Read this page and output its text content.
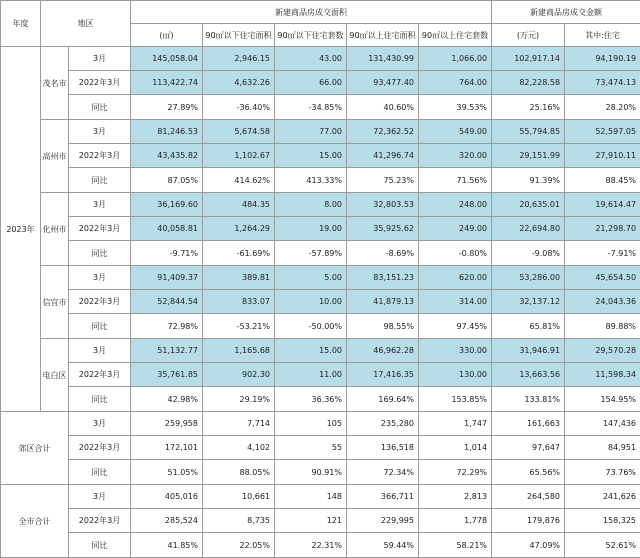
年度	地区		新建商品房成交面积					新建商品房成交金额	
			(㎡)	90㎡以下住宅面积	90㎡以下住宅套数	90㎡以上住宅面积	90㎡以上住宅套数	(万元)	其中:住宅
2023年	茂名市	3月	145,058.04	2,946.15	43.00	131,430.99	1,066.00	102,917.14	94,190.19
		2022年3月	113,422.74	4,632.26	66.00	93,477.40	764.00	82,228.58	73,474.13
		同比	27.89%	-36.40%	-34.85%	40.60%	39.53%	25.16%	28.20%
	高州市	3月	81,246.53	5,674.58	77.00	72,362.52	549.00	55,794.85	52,597.05
		2022年3月	43,435.82	1,102.67	15.00	41,296.74	320.00	29,151.99	27,910.11
		同比	87.05%	414.62%	413.33%	75.23%	71.56%	91.39%	88.45%
	化州市	3月	36,169.60	484.35	8.00	32,803.53	248.00	20,635.01	19,614.47
		2022年3月	40,058.81	1,264.29	19.00	35,925.62	249.00	22,694.80	21,298.70
		同比	-9.71%	-61.69%	-57.89%	-8.69%	-0.80%	-9.08%	-7.91%
	信宜市	3月	91,409.37	389.81	5.00	83,151.23	620.00	53,286.00	45,654.50
		2022年3月	52,844.54	833.07	10.00	41,879.13	314.00	32,137.12	24,043.36
		同比	72.98%	-53.21%	-50.00%	98.55%	97.45%	65.81%	89.88%
	电白区	3月	51,132.77	1,165.68	15.00	46,962.28	330.00	31,946.91	29,570.28
		2022年3月	35,761.85	902.30	11.00	17,416.35	130.00	13,663.56	11,598.34
		同比	42.98%	29.19%	36.36%	169.64%	153.85%	133.81%	154.95%
郊区合计		3月	259,958	7,714	105	235,280	1,747	161,663	147,436
		2022年3月	172,101	4,102	55	136,518	1,014	97,647	84,951
		同比	51.05%	88.05%	90.91%	72.34%	72.29%	65.56%	73.76%
全市合计		3月	405,016	10,661	148	366,711	2,813	264,580	241,626
		2022年3月	285,524	8,735	121	229,995	1,778	179,876	158,325
		同比	41.85%	22.05%	22.31%	59.44%	58.21%	47.09%	52.61%
